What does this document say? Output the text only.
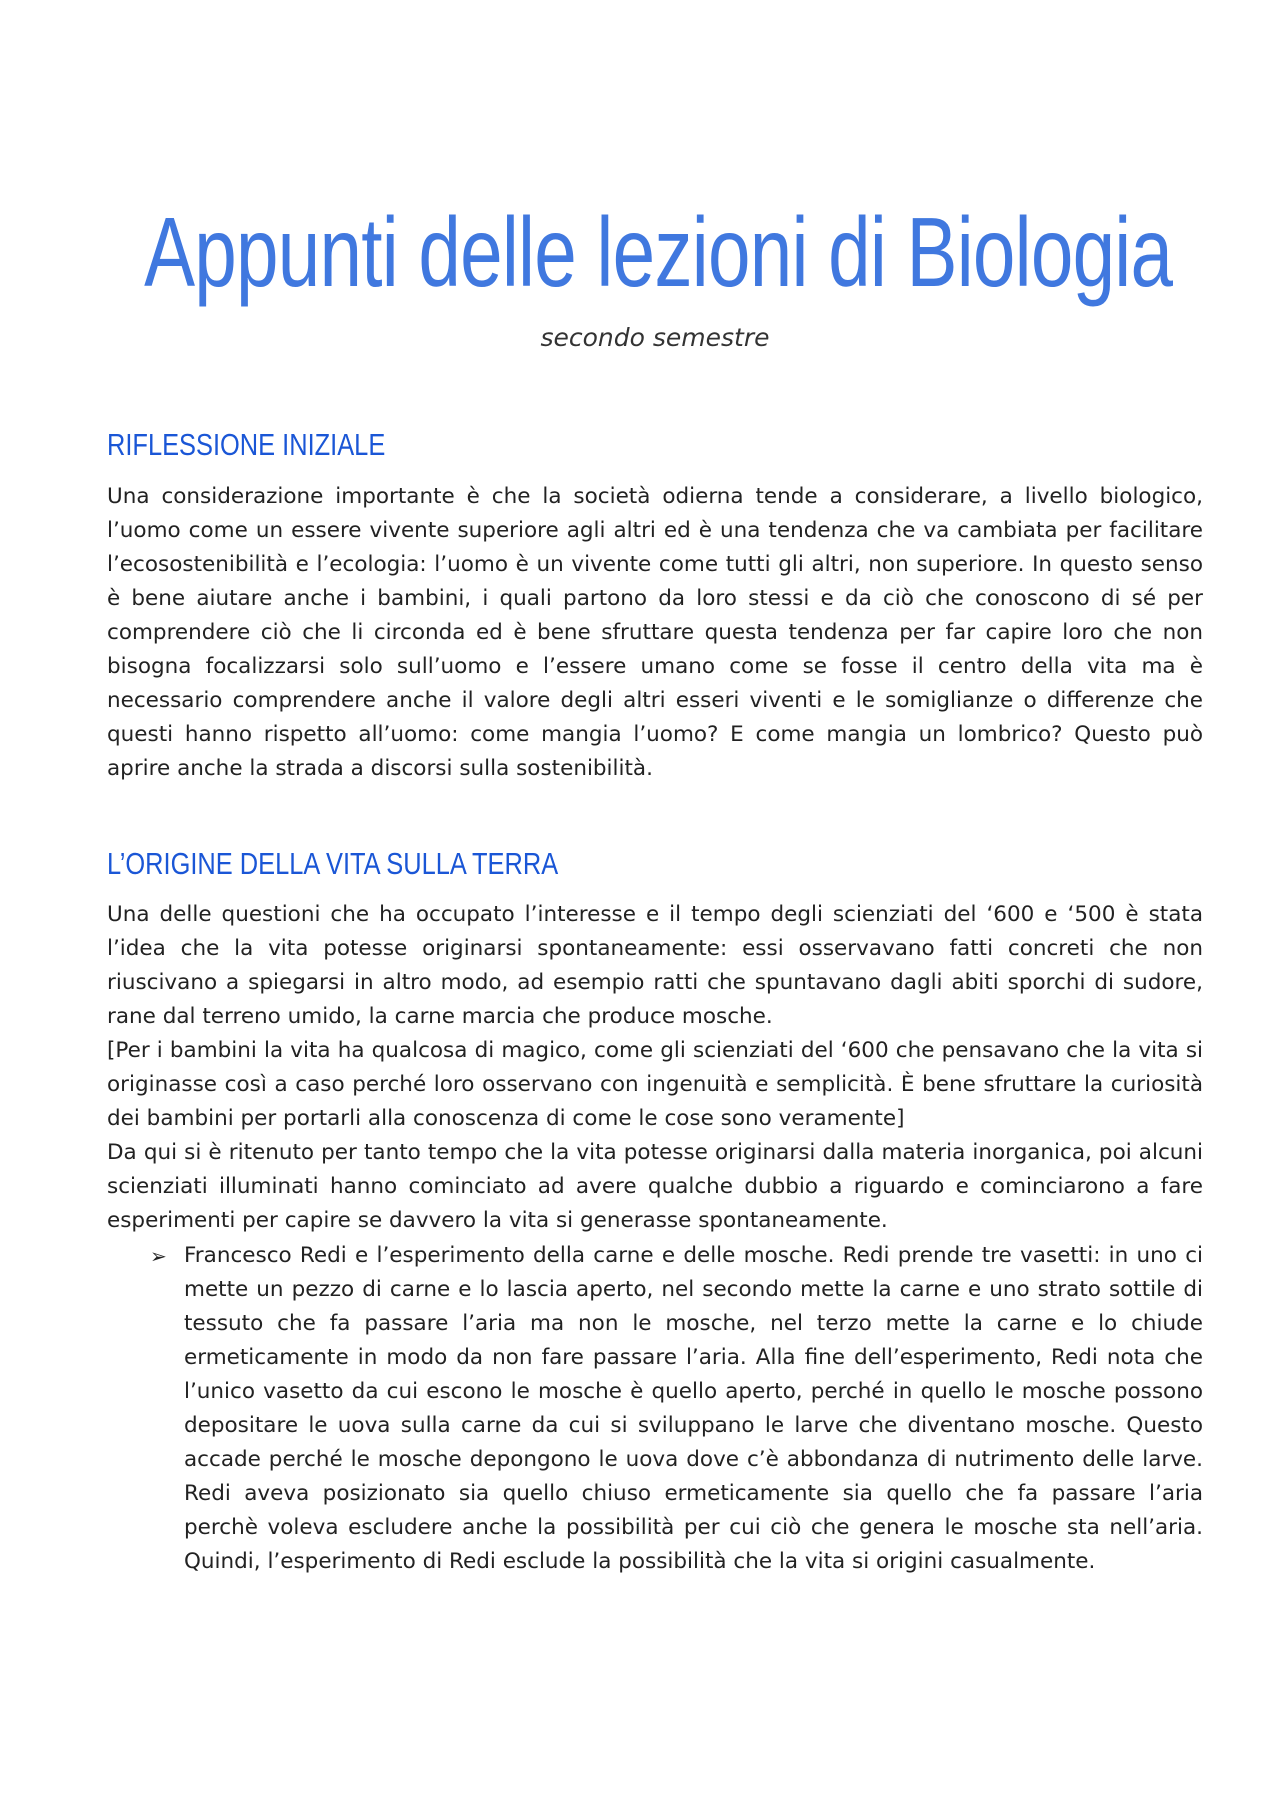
Appunti delle lezioni di Biologia
secondo semestre
RIFLESSIONE INIZIALE

Una considerazione importante è che la società odierna tende a considerare, a livello biologico, l’uomo come un essere vivente superiore agli altri ed è una tendenza che va cambiata per facilitare l’ecosostenibilità e l’ecologia: l’uomo è un vivente come tutti gli altri, non superiore. In questo senso è bene aiutare anche i bambini, i quali partono da loro stessi e da ciò che conoscono di sé per comprendere ciò che li circonda ed è bene sfruttare questa tendenza per far capire loro che non bisogna focalizzarsi solo sull’uomo e l’essere umano come se fosse il centro della vita ma è necessario comprendere anche il valore degli altri esseri viventi e le somiglianze o differenze che questi hanno rispetto all’uomo: come mangia l’uomo? E come mangia un lombrico? Questo può aprire anche la strada a discorsi sulla sostenibilità.

L’ORIGINE DELLA VITA SULLA TERRA

Una delle questioni che ha occupato l’interesse e il tempo degli scienziati del ‘600 e ‘500 è stata l’idea che la vita potesse originarsi spontaneamente: essi osservavano fatti concreti che non riuscivano a spiegarsi in altro modo, ad esempio ratti che spuntavano dagli abiti sporchi di sudore, rane dal terreno umido, la carne marcia che produce mosche.

[Per i bambini la vita ha qualcosa di magico, come gli scienziati del ‘600 che pensavano che la vita si originasse così a caso perché loro osservano con ingenuità e semplicità. È bene sfruttare la curiosità dei bambini per portarli alla conoscenza di come le cose sono veramente]

Da qui si è ritenuto per tanto tempo che la vita potesse originarsi dalla materia inorganica, poi alcuni scienziati illuminati hanno cominciato ad avere qualche dubbio a riguardo e cominciarono a fare esperimenti per capire se davvero la vita si generasse spontaneamente.

➢ Francesco Redi e l’esperimento della carne e delle mosche. Redi prende tre vasetti: in uno ci mette un pezzo di carne e lo lascia aperto, nel secondo mette la carne e uno strato sottile di tessuto che fa passare l’aria ma non le mosche, nel terzo mette la carne e lo chiude ermeticamente in modo da non fare passare l’aria. Alla fine dell’esperimento, Redi nota che l’unico vasetto da cui escono le mosche è quello aperto, perché in quello le mosche possono depositare le uova sulla carne da cui si sviluppano le larve che diventano mosche. Questo accade perché le mosche depongono le uova dove c’è abbondanza di nutrimento delle larve. Redi aveva posizionato sia quello chiuso ermeticamente sia quello che fa passare l’aria perchè voleva escludere anche la possibilità per cui ciò che genera le mosche sta nell’aria. Quindi, l’esperimento di Redi esclude la possibilità che la vita si origini casualmente.
